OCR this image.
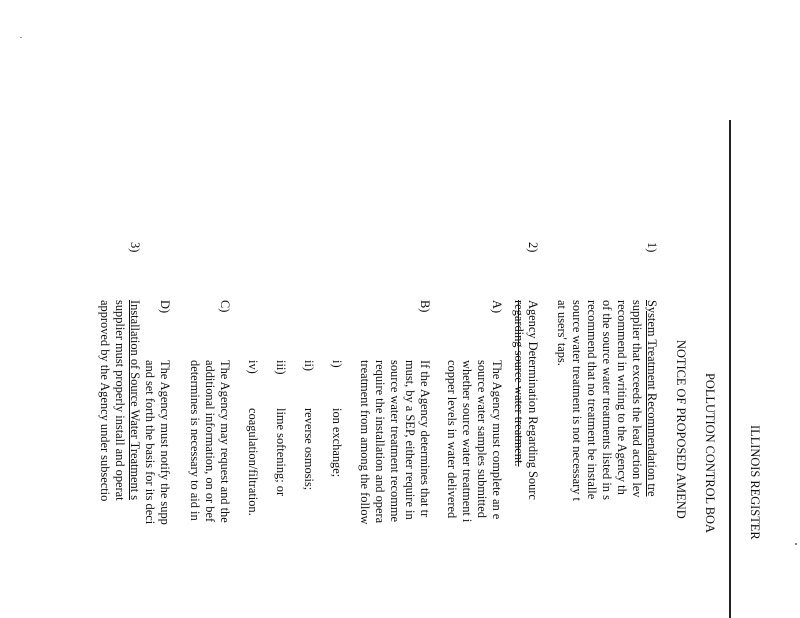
ILLINOIS REGISTER
POLLUTION CONTROL BOA
NOTICE OF PROPOSED AMEND
1)
System Treatment Recommendation tre
supplier that exceeds the lead action lev
recommend in writing to the Agency th
of the source water treatments listed in s
recommend that no treatment be installe
source water treatment is not necessary t
at users' taps.
2)
Agency Determination Regarding Sourc
regarding source water treatment.
A)
The Agency must complete an e
source water samples submitted
whether source water treatment i
copper levels in water delivered
B)
If the Agency determines that tr
must, by a SEP, either require in
source water treatment recomme
require the installation and opera
treatment from among the follow
i)
ion exchange;
ii)
reverse osmosis;
iii)
lime softening; or
iv)
coagulation/filtration.
C)
The Agency may request and the
additional information, on or bef
determines is necessary to aid in
D)
The Agency must notify the supp
and set forth the basis for its deci
3)
Installation of Source Water Treatment s
supplier must properly install and operat
approved by the Agency under subsectio
